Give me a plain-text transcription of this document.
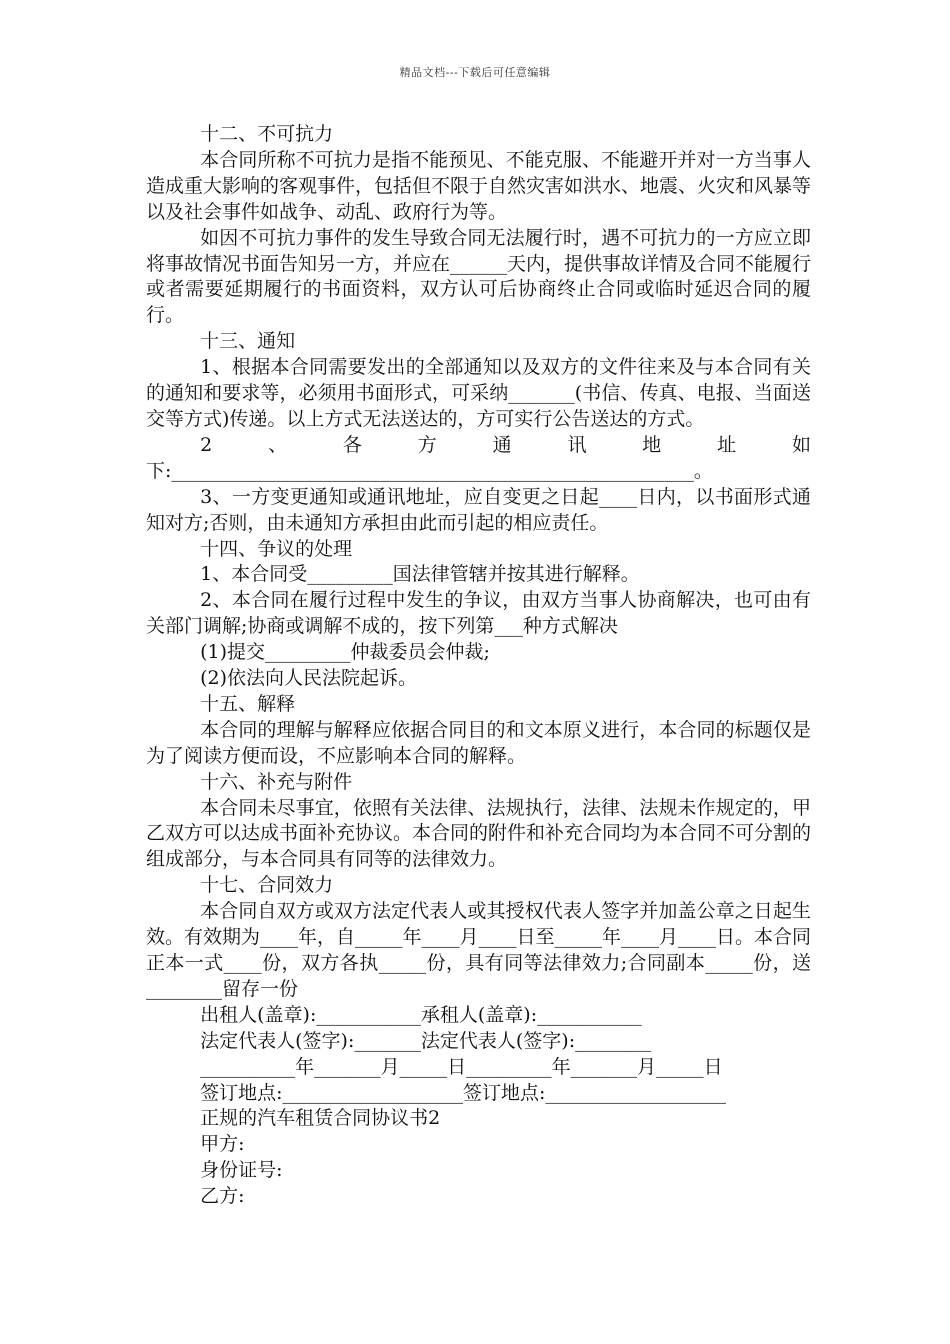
精品文档---下载后可任意编辑
十二、不可抗力
本合同所称不可抗力是指不能预见、不能克服、不能避开并对一方当事人造成重大影响的客观事件，包括但不限于自然灾害如洪水、地震、火灾和风暴等以及社会事件如战争、动乱、政府行为等。
如因不可抗力事件的发生导致合同无法履行时，遇不可抗力的一方应立即将事故情况书面告知另一方，并应在______天内，提供事故详情及合同不能履行或者需要延期履行的书面资料，双方认可后协商终止合同或临时延迟合同的履行。
十三、通知
1、根据本合同需要发出的全部通知以及双方的文件往来及与本合同有关的通知和要求等，必须用书面形式，可采纳_______(书信、传真、电报、当面送交等方式)传递。以上方式无法送达的，方可实行公告送达的方式。
2、各方通讯地址如下:_______________________________________________________。
3、一方变更通知或通讯地址，应自变更之日起____日内，以书面形式通知对方;否则，由未通知方承担由此而引起的相应责任。
十四、争议的处理
1、本合同受_________国法律管辖并按其进行解释。
2、本合同在履行过程中发生的争议，由双方当事人协商解决，也可由有关部门调解;协商或调解不成的，按下列第___种方式解决
(1)提交_________仲裁委员会仲裁;
(2)依法向人民法院起诉。
十五、解释
本合同的理解与解释应依据合同目的和文本原义进行，本合同的标题仅是为了阅读方便而设，不应影响本合同的解释。
十六、补充与附件
本合同未尽事宜，依照有关法律、法规执行，法律、法规未作规定的，甲乙双方可以达成书面补充协议。本合同的附件和补充合同均为本合同不可分割的组成部分，与本合同具有同等的法律效力。
十七、合同效力
本合同自双方或双方法定代表人或其授权代表人签字并加盖公章之日起生效。有效期为____年，自_____年____月____日至_____年____月____日。本合同正本一式____份，双方各执_____份，具有同等法律效力;合同副本_____份，送________留存一份
出租人(盖章):___________承租人(盖章):___________
法定代表人(签字):_______法定代表人(签字):________
__________年_______月_____日_________年_______月_____日
签订地点:___________________签订地点:___________________
正规的汽车租赁合同协议书2
甲方:
身份证号:
乙方:
